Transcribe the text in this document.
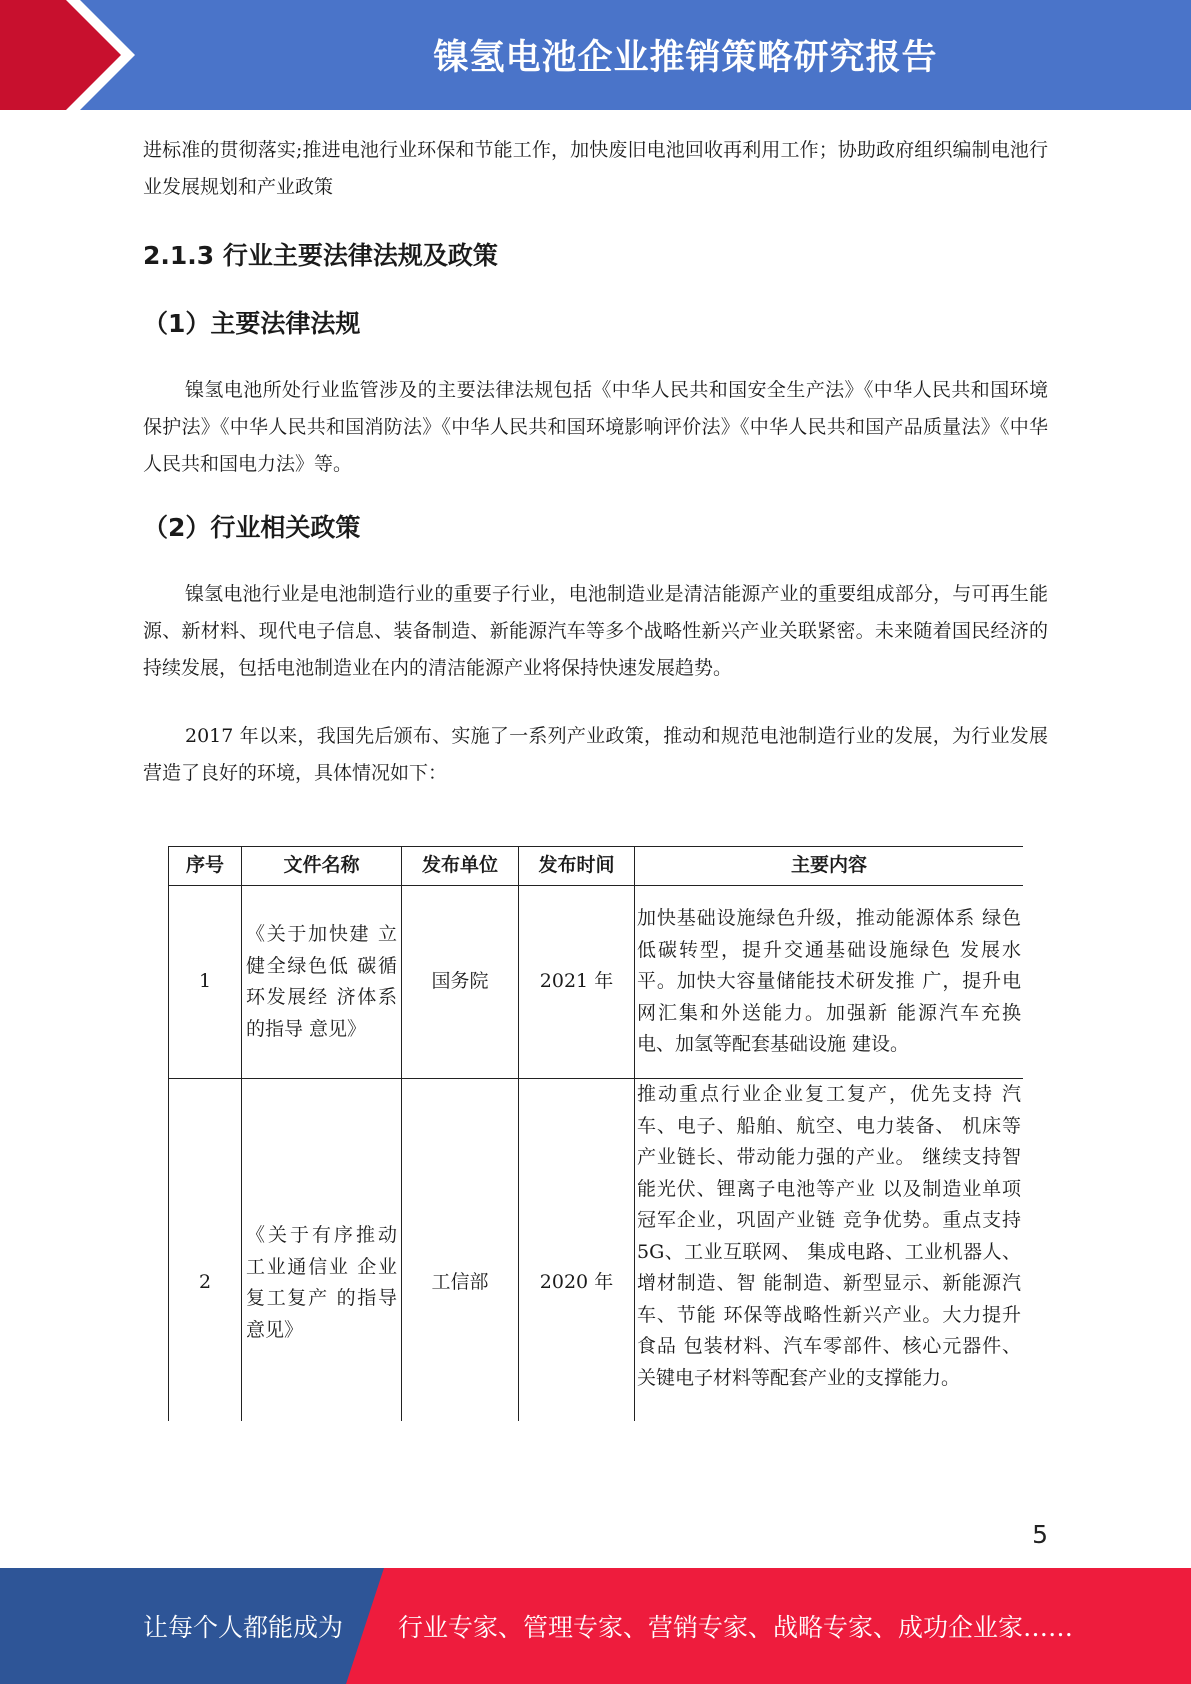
镍氢电池企业推销策略研究报告

进标准的贯彻落实;推进电池行业环保和节能工作，加快废旧电池回收再利用工作；协助政府组织编制电池行业发展规划和产业政策

2.1.3 行业主要法律法规及政策
（1）主要法律法规

镍氢电池所处行业监管涉及的主要法律法规包括《中华人民共和国安全生产法》《中华人民共和国环境保护法》《中华人民共和国消防法》《中华人民共和国环境影响评价法》《中华人民共和国产品质量法》《中华人民共和国电力法》等。

（2）行业相关政策

镍氢电池行业是电池制造行业的重要子行业，电池制造业是清洁能源产业的重要组成部分，与可再生能源、新材料、现代电子信息、装备制造、新能源汽车等多个战略性新兴产业关联紧密。未来随着国民经济的持续发展，包括电池制造业在内的清洁能源产业将保持快速发展趋势。

2017 年以来，我国先后颁布、实施了一系列产业政策，推动和规范电池制造行业的发展，为行业发展营造了良好的环境，具体情况如下：

序号	文件名称	发布单位	发布时间	主要内容
1	《关于加快建 立健全绿色低 碳循环发展经 济体系的指导 意见》	国务院	2021 年	加快基础设施绿色升级，推动能源体系 绿色低碳转型，提升交通基础设施绿色 发展水平。加快大容量储能技术研发推 广，提升电网汇集和外送能力。加强新 能源汽车充换电、加氢等配套基础设施 建设。
2	《关于有序推动工业通信业 企业复工复产 的指导意见》	工信部	2020 年	推动重点行业企业复工复产，优先支持 汽车、电子、船舶、航空、电力装备、 机床等产业链长、带动能力强的产业。 继续支持智能光伏、锂离子电池等产业 以及制造业单项冠军企业，巩固产业链 竞争优势。重点支持 5G、工业互联网、 集成电路、工业机器人、增材制造、智 能制造、新型显示、新能源汽车、节能 环保等战略性新兴产业。大力提升食品 包装材料、汽车零部件、核心元器件、 关键电子材料等配套产业的支撑能力。
5
让每个人都能成为 行业专家、管理专家、营销专家、战略专家、成功企业家……
